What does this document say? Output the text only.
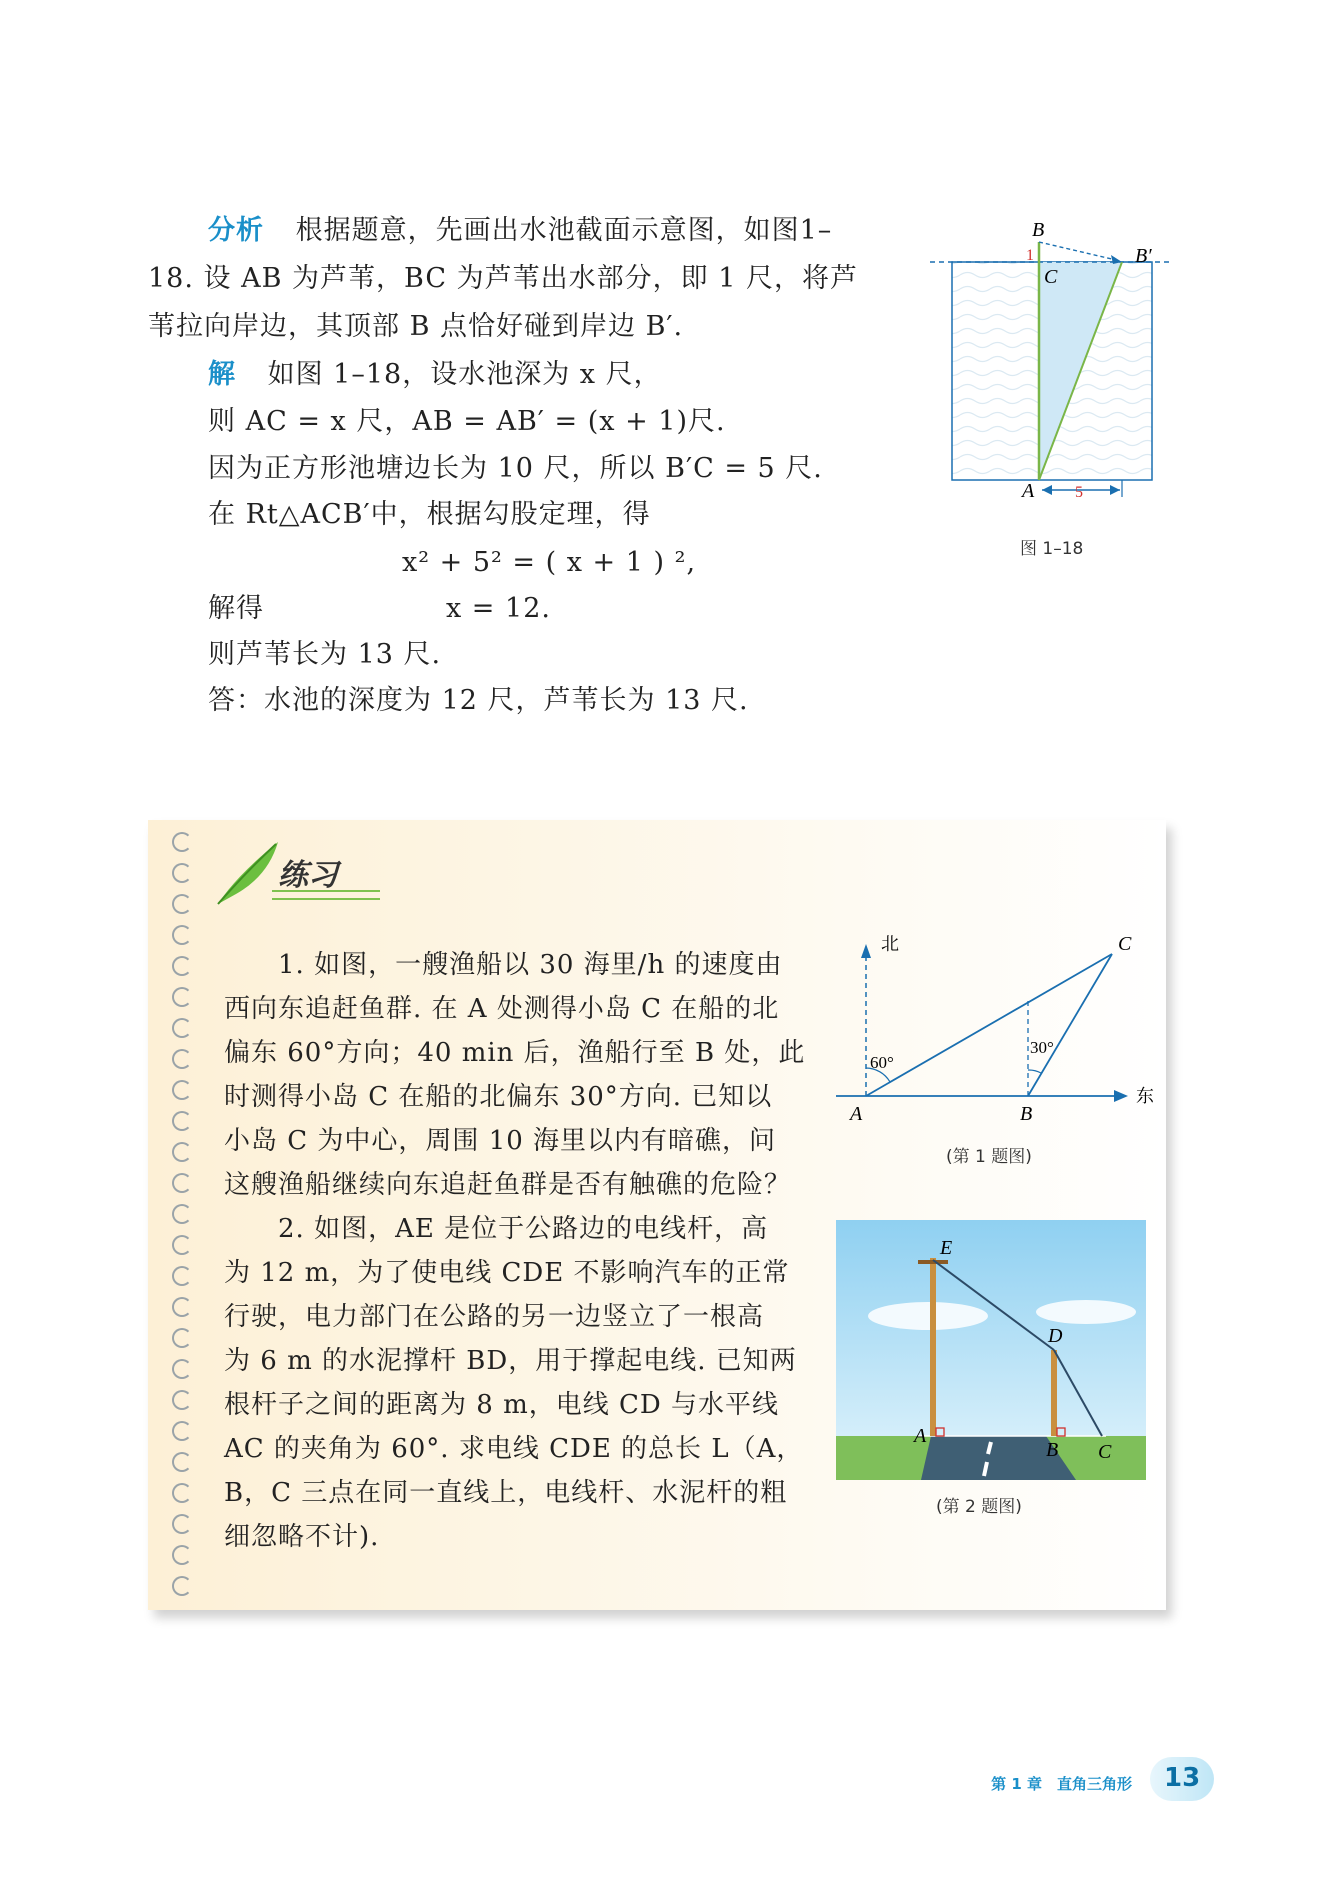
分析 根据题意，先画出水池截面示意图，如图1–
18. 设 AB 为芦苇，BC 为芦苇出水部分，即 1 尺，将芦
苇拉向岸边，其顶部 B 点恰好碰到岸边 B′.
解 如图 1–18，设水池深为 x 尺，
则 AC = x 尺，AB = AB′ = (x + 1)尺.
因为正方形池塘边长为 10 尺，所以 B′C = 5 尺.
在 Rt△ACB′中，根据勾股定理，得
x² + 5² = ( x + 1 ) ²,
解得	x = 12.
则芦苇长为 13 尺.
答：水池的深度为 12 尺，芦苇长为 13 尺.
B
B′
C
A
1
5
图 1–18
练习
1. 如图，一艘渔船以 30 海里/h 的速度由
西向东追赶鱼群. 在 A 处测得小岛 C 在船的北
偏东 60°方向；40 min 后，渔船行至 B 处，此
时测得小岛 C 在船的北偏东 30°方向. 已知以
小岛 C 为中心，周围 10 海里以内有暗礁，问
这艘渔船继续向东追赶鱼群是否有触礁的危险？
2. 如图，AE 是位于公路边的电线杆，高
为 12 m，为了使电线 CDE 不影响汽车的正常
行驶，电力部门在公路的另一边竖立了一根高
为 6 m 的水泥撑杆 BD，用于撑起电线. 已知两
根杆子之间的距离为 8 m，电线 CD 与水平线
AC 的夹角为 60°. 求电线 CDE 的总长 L（A，
B，C 三点在同一直线上，电线杆、水泥杆的粗
细忽略不计).
北
东
C
A	B
60°
30°
(第 1 题图)
E
D
A
B C
(第 2 题图)
第 1 章　直角三角形 13
